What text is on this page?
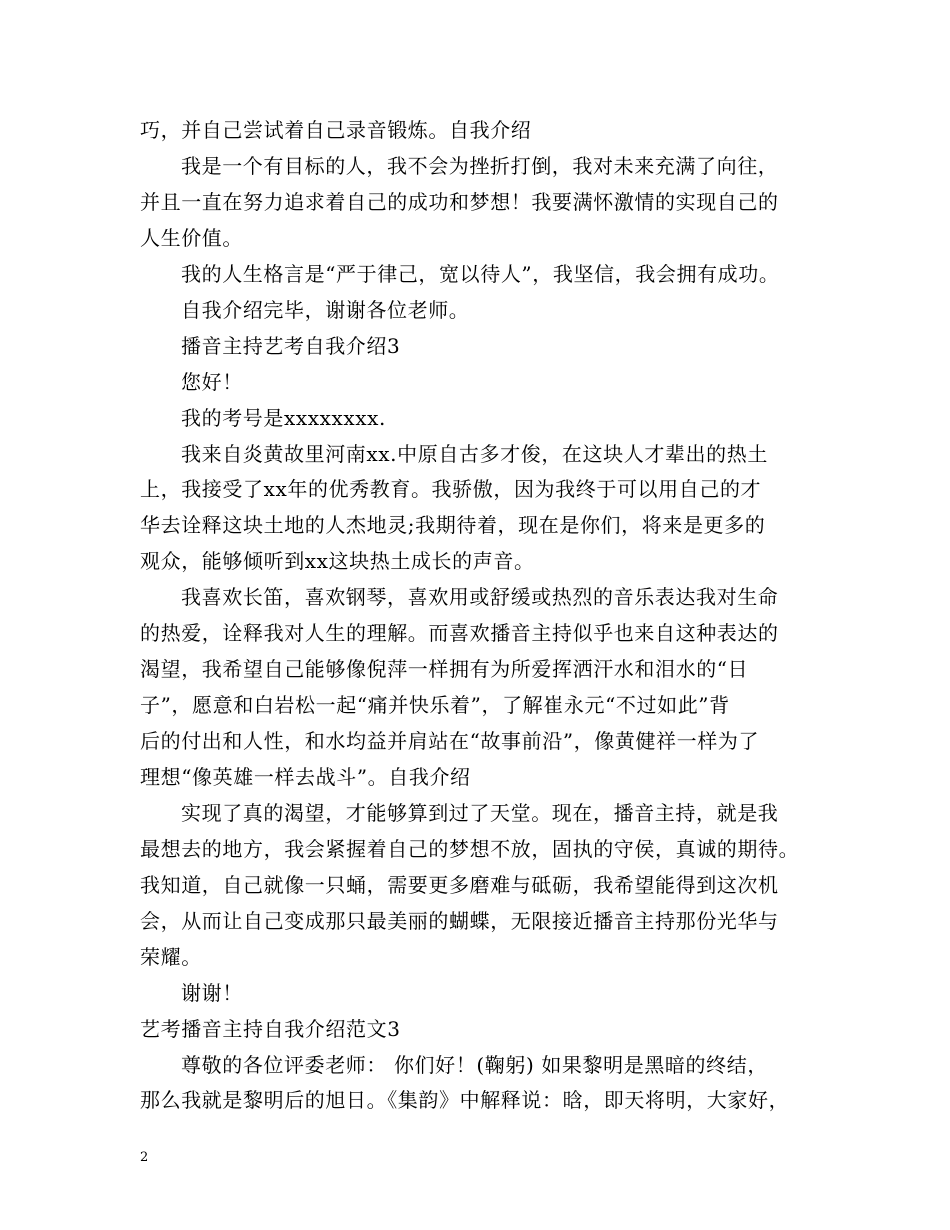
巧，并自己尝试着自己录音锻炼。自我介绍
我是一个有目标的人，我不会为挫折打倒，我对未来充满了向往，
并且一直在努力追求着自己的成功和梦想！我要满怀激情的实现自己的
人生价值。
我的人生格言是“严于律己，宽以待人”，我坚信，我会拥有成功。
自我介绍完毕，谢谢各位老师。
播音主持艺考自我介绍3
您好！
我的考号是xxxxxxxx.
我来自炎黄故里河南xx.中原自古多才俊，在这块人才辈出的热土
上，我接受了xx年的优秀教育。我骄傲，因为我终于可以用自己的才
华去诠释这块土地的人杰地灵;我期待着，现在是你们，将来是更多的
观众，能够倾听到xx这块热土成长的声音。
我喜欢长笛，喜欢钢琴，喜欢用或舒缓或热烈的音乐表达我对生命
的热爱，诠释我对人生的理解。而喜欢播音主持似乎也来自这种表达的
渴望，我希望自己能够像倪萍一样拥有为所爱挥洒汗水和泪水的“日
子”，愿意和白岩松一起“痛并快乐着”，了解崔永元“不过如此”背
后的付出和人性，和水均益并肩站在“故事前沿”，像黄健祥一样为了
理想“像英雄一样去战斗”。自我介绍
实现了真的渴望，才能够算到过了天堂。现在，播音主持，就是我
最想去的地方，我会紧握着自己的梦想不放，固执的守侯，真诚的期待。
我知道，自己就像一只蛹，需要更多磨难与砥砺，我希望能得到这次机
会，从而让自己变成那只最美丽的蝴蝶，无限接近播音主持那份光华与
荣耀。
谢谢！
艺考播音主持自我介绍范文3
尊敬的各位评委老师： 你们好！(鞠躬) 如果黎明是黑暗的终结，
那么我就是黎明后的旭日。《集韵》中解释说：晗，即天将明，大家好，
2
